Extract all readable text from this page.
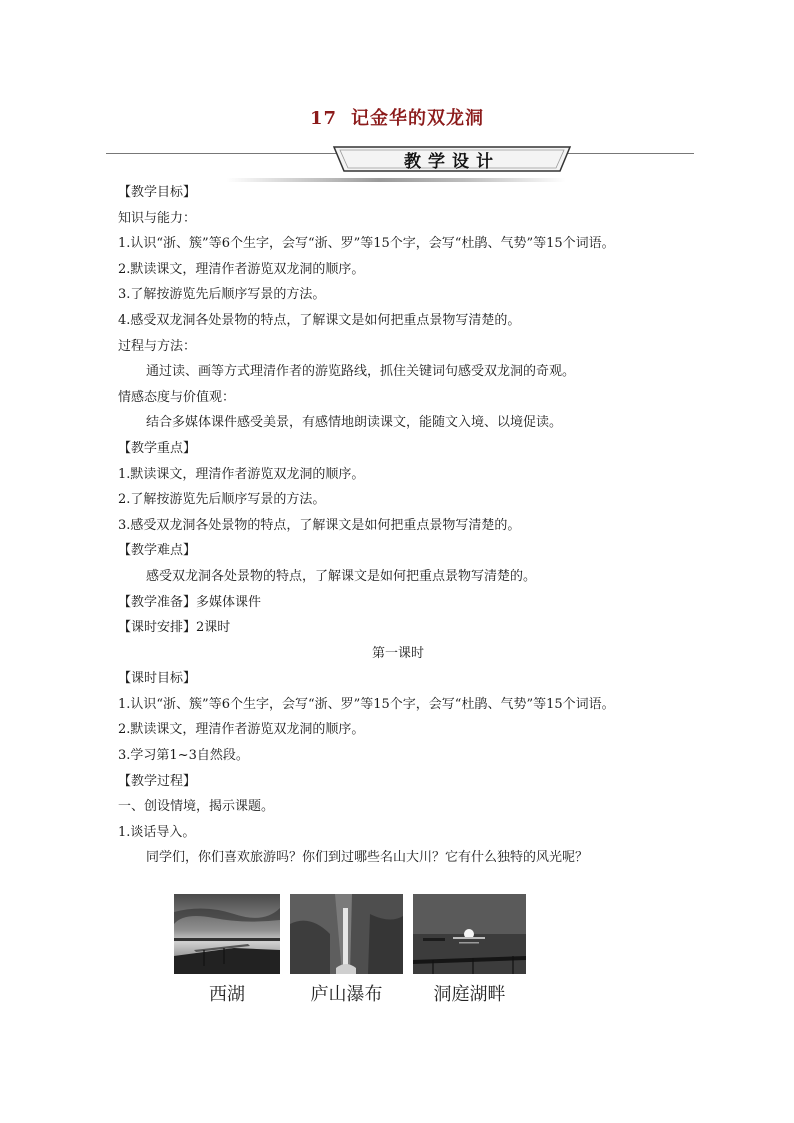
17 记金华的双龙洞
教学设计
【教学目标】
知识与能力：
1.认识“浙、簇”等6个生字，会写“浙、罗”等15个字，会写“杜鹃、气势”等15个词语。
2.默读课文，理清作者游览双龙洞的顺序。
3.了解按游览先后顺序写景的方法。
4.感受双龙洞各处景物的特点，了解课文是如何把重点景物写清楚的。
过程与方法：
通过读、画等方式理清作者的游览路线，抓住关键词句感受双龙洞的奇观。
情感态度与价值观：
结合多媒体课件感受美景，有感情地朗读课文，能随文入境、以境促读。
【教学重点】
1.默读课文，理清作者游览双龙洞的顺序。
2.了解按游览先后顺序写景的方法。
3.感受双龙洞各处景物的特点，了解课文是如何把重点景物写清楚的。
【教学难点】
感受双龙洞各处景物的特点，了解课文是如何把重点景物写清楚的。
【教学准备】多媒体课件
【课时安排】2课时
第一课时
【课时目标】
1.认识“浙、簇”等6个生字，会写“浙、罗”等15个字，会写“杜鹃、气势”等15个词语。
2.默读课文，理清作者游览双龙洞的顺序。
3.学习第1~3自然段。
【教学过程】
一、创设情境，揭示课题。
1.谈话导入。
同学们，你们喜欢旅游吗？你们到过哪些名山大川？它有什么独特的风光呢？
西湖	庐山瀑布	洞庭湖畔
